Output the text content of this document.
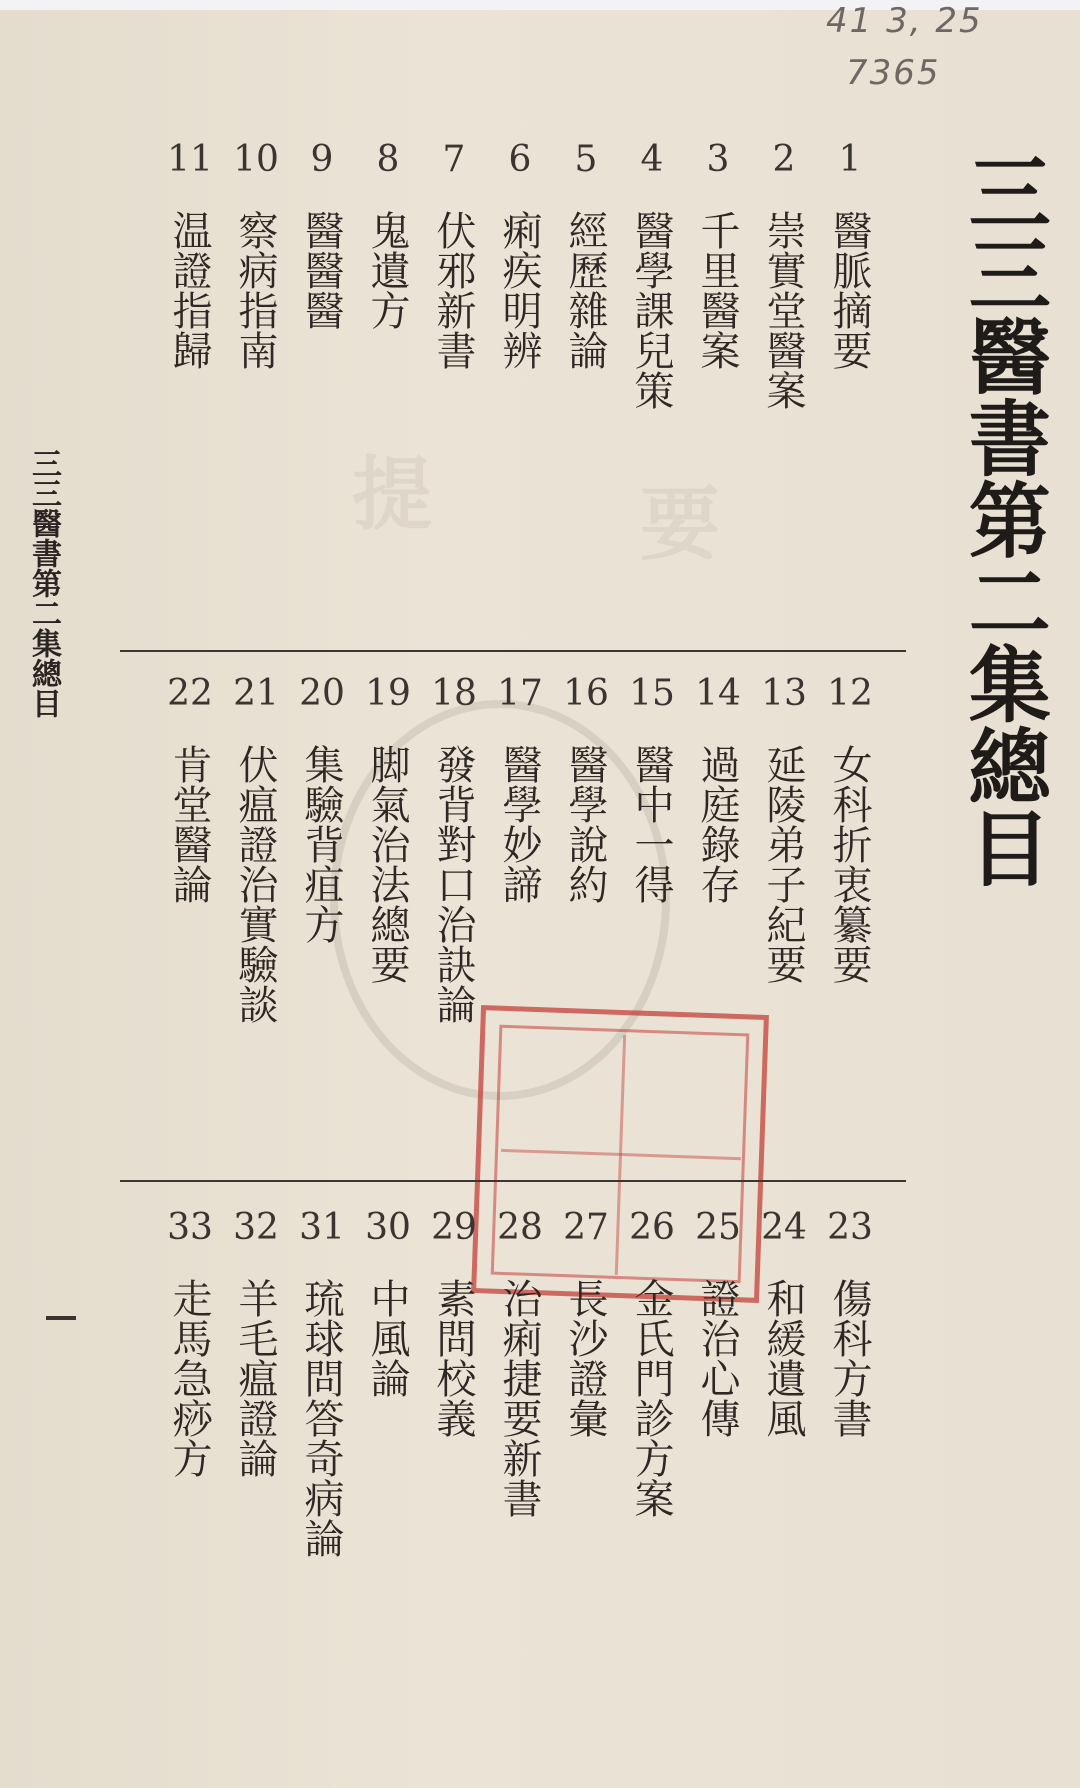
提	要
41 3, 25
7365
三三醫書第二集總目
三三醫書第二集總目
1
醫脈摘要
2
崇實堂醫案
3
千里醫案
4
醫學課兒策
5
經歷雜論
6
痢疾明辨
7
伏邪新書
8
鬼遺方
9
醫醫醫
10
察病指南
11
温證指歸
12
女科折衷纂要
13
延陵弟子紀要
14
過庭錄存
15
醫中一得
16
醫學說約
17
醫學妙諦
18
發背對口治訣論
19
脚氣治法總要
20
集驗背疽方
21
伏瘟證治實驗談
22
肯堂醫論
23
傷科方書
24
和緩遺風
25
證治心傳
26
金氏門診方案
27
長沙證彙
28
治痢捷要新書
29
素問校義
30
中風論
31
琉球問答奇病論
32
羊毛瘟證論
33
走馬急痧方
